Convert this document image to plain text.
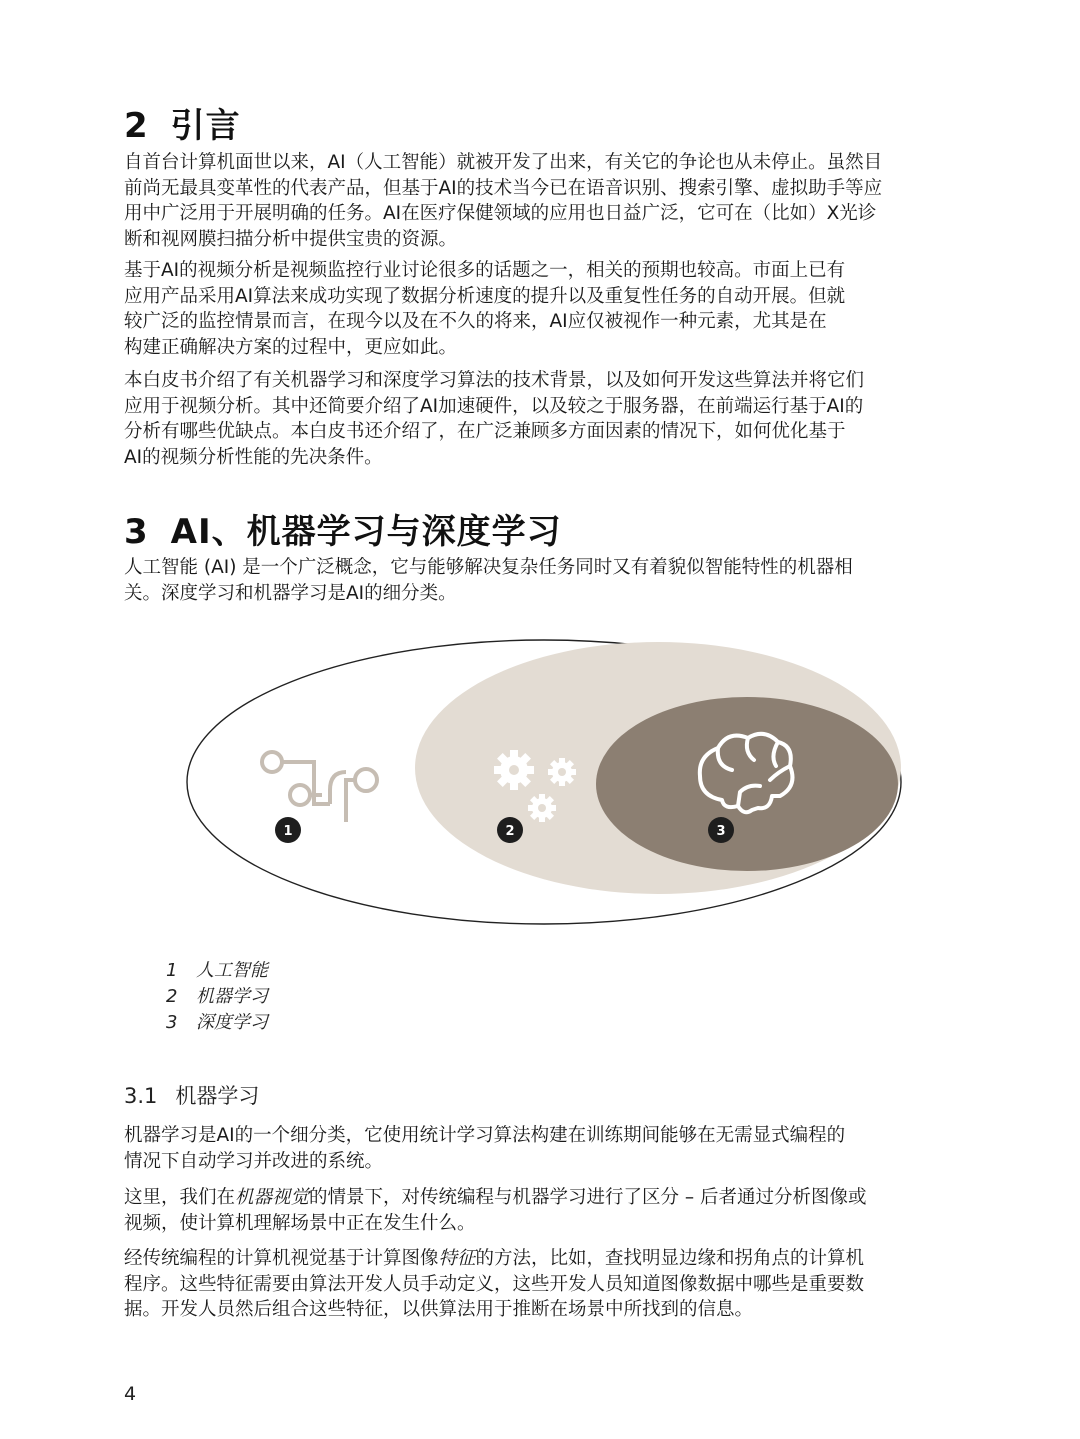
2 引言

自首台计算机面世以来，AI（人工智能）就被开发了出来，有关它的争论也从未停止。虽然目
前尚无最具变革性的代表产品，但基于AI的技术当今已在语音识别、搜索引擎、虚拟助手等应
用中广泛用于开展明确的任务。AI在医疗保健领域的应用也日益广泛，它可在（比如）X光诊
断和视网膜扫描分析中提供宝贵的资源。

基于AI的视频分析是视频监控行业讨论很多的话题之一，相关的预期也较高。市面上已有
应用产品采用AI算法来成功实现了数据分析速度的提升以及重复性任务的自动开展。但就
较广泛的监控情景而言，在现今以及在不久的将来，AI应仅被视作一种元素，尤其是在
构建正确解决方案的过程中，更应如此。

本白皮书介绍了有关机器学习和深度学习算法的技术背景，以及如何开发这些算法并将它们
应用于视频分析。其中还简要介绍了AI加速硬件，以及较之于服务器，在前端运行基于AI的
分析有哪些优缺点。本白皮书还介绍了，在广泛兼顾多方面因素的情况下，如何优化基于
AI的视频分析性能的先决条件。

3 AI、机器学习与深度学习

人工智能 (AI) 是一个广泛概念，它与能够解决复杂任务同时又有着貌似智能特性的机器相
关。深度学习和机器学习是AI的细分类。

1	2	3
1 人工智能
2 机器学习
3 深度学习
3.1 机器学习

机器学习是AI的一个细分类，它使用统计学习算法构建在训练期间能够在无需显式编程的
情况下自动学习并改进的系统。

这里，我们在机器视觉的情景下，对传统编程与机器学习进行了区分 – 后者通过分析图像或
视频，使计算机理解场景中正在发生什么。

经传统编程的计算机视觉基于计算图像特征的方法，比如，查找明显边缘和拐角点的计算机
程序。这些特征需要由算法开发人员手动定义，这些开发人员知道图像数据中哪些是重要数
据。开发人员然后组合这些特征，以供算法用于推断在场景中所找到的信息。

4
